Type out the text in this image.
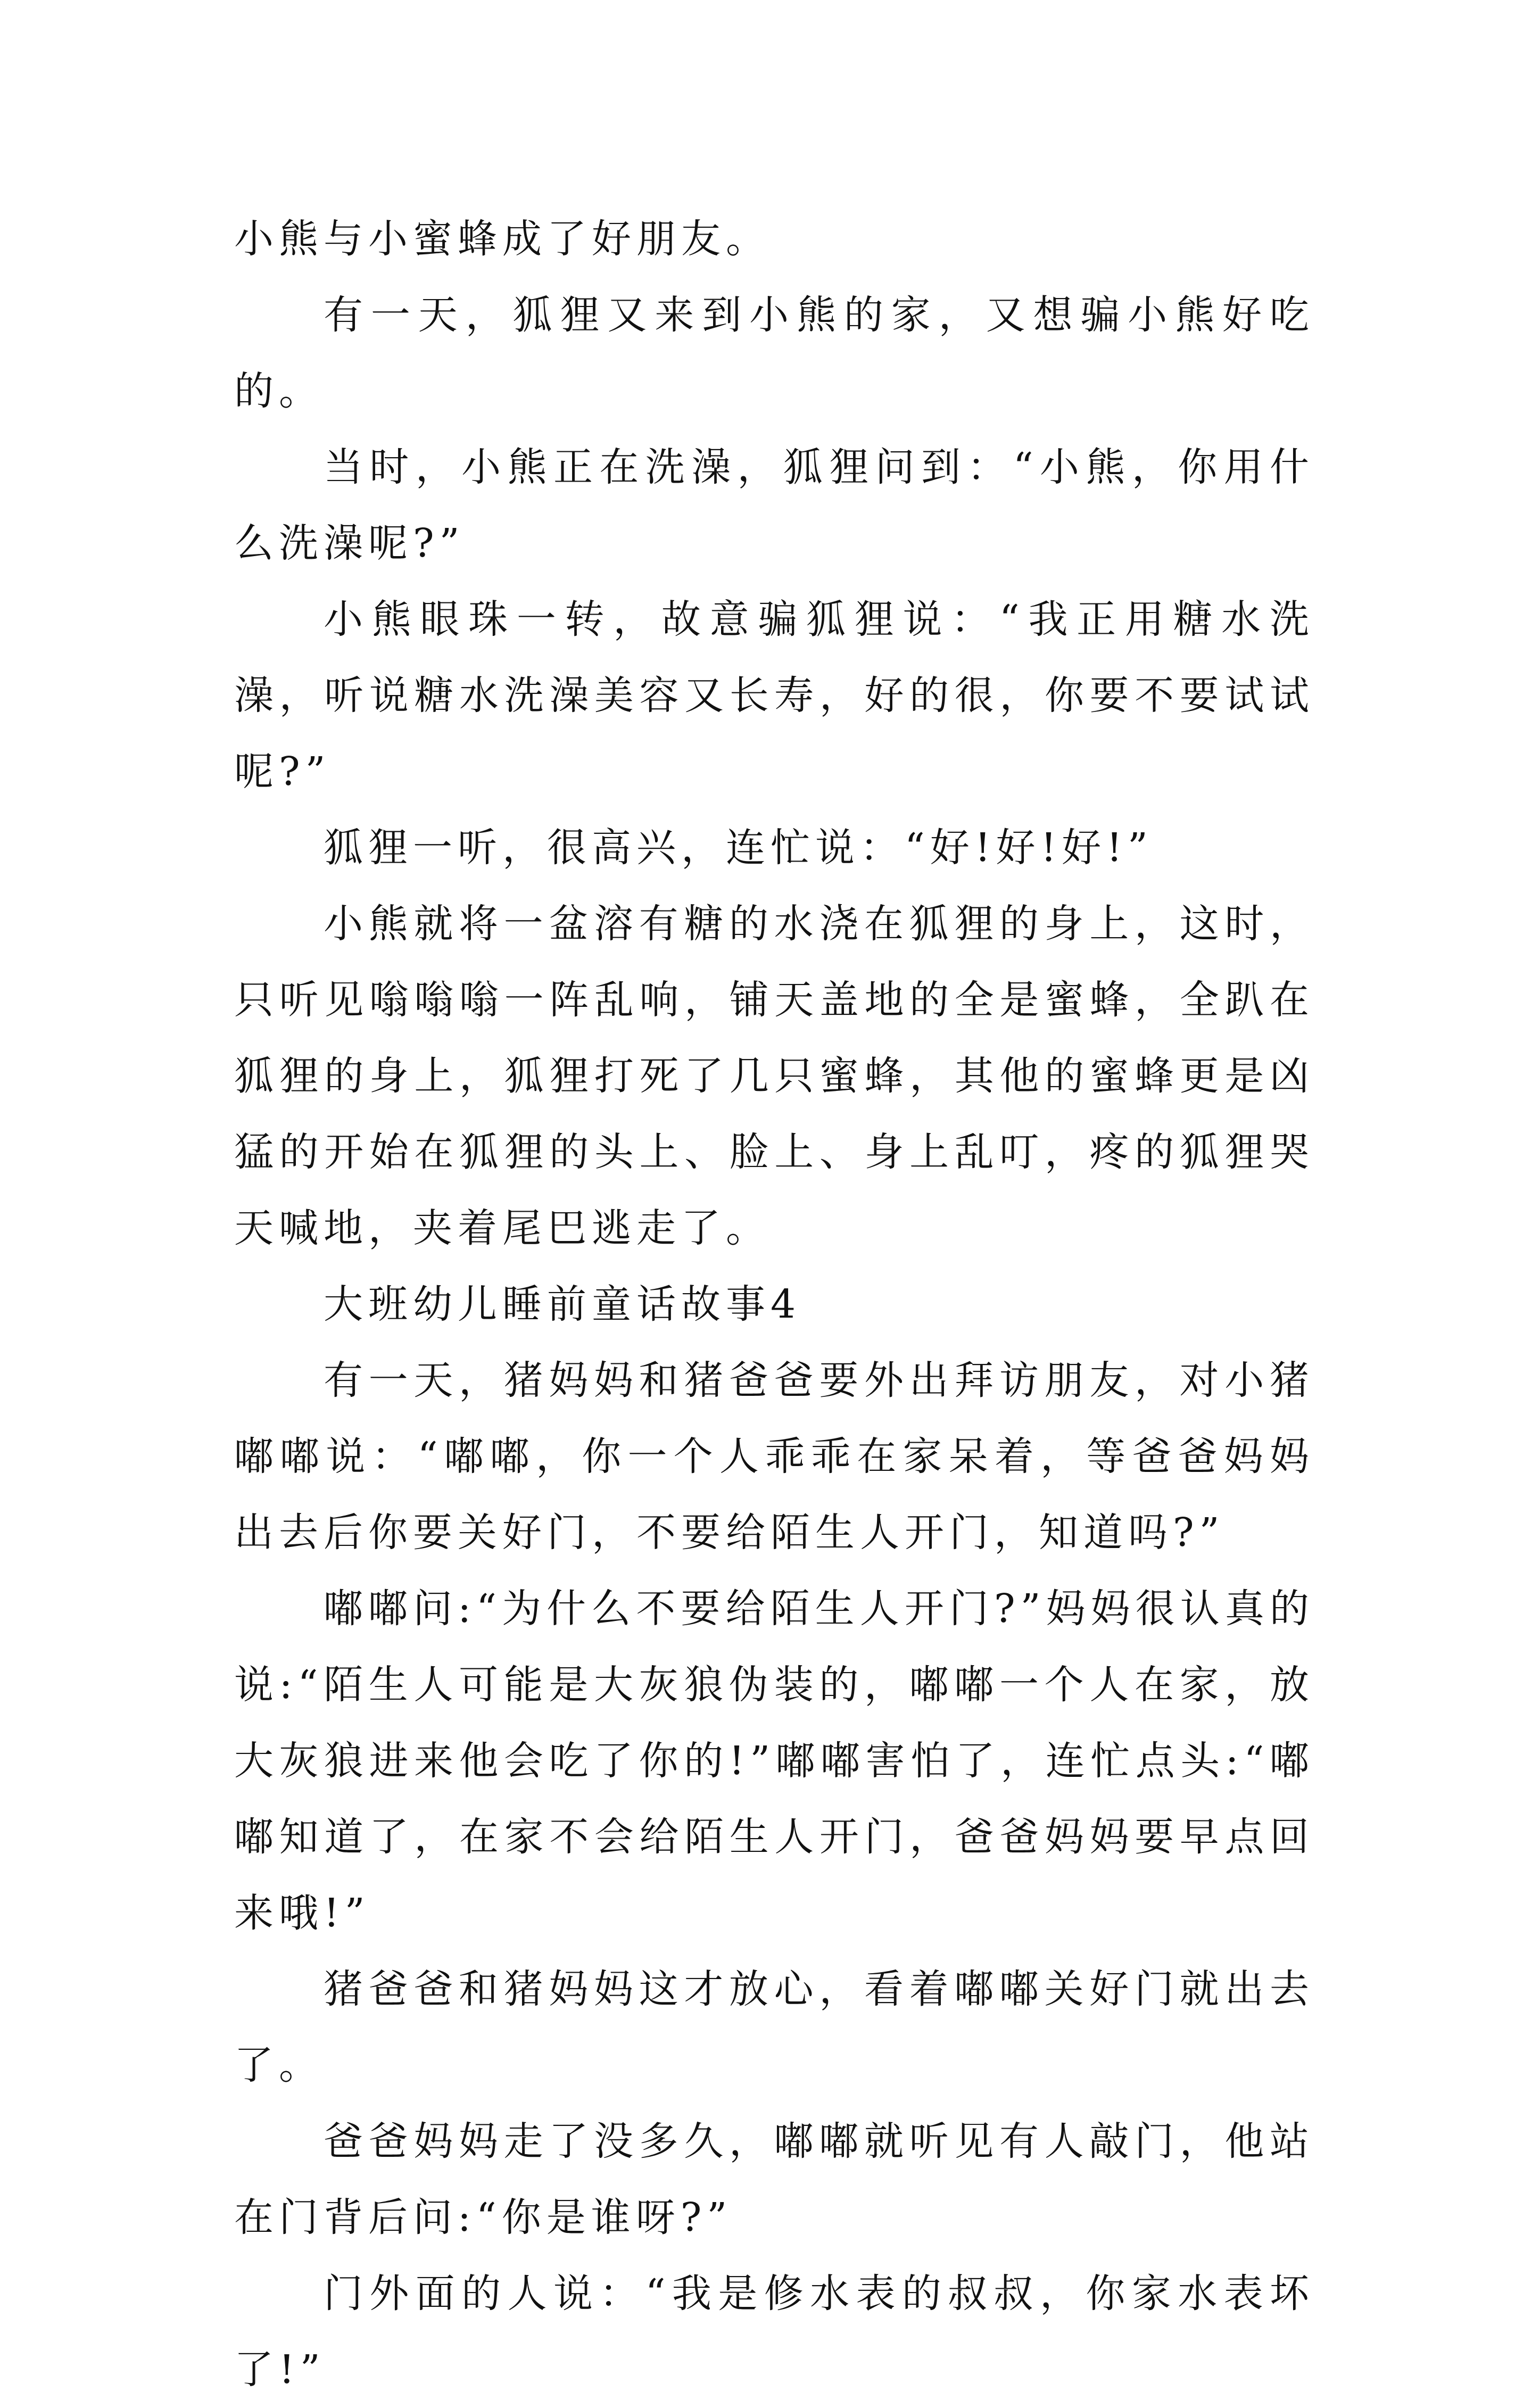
小熊与小蜜蜂成了好朋友。

有一天，狐狸又来到小熊的家，又想骗小熊好吃的。

当时，小熊正在洗澡，狐狸问到：“小熊，你用什么洗澡呢?”

小熊眼珠一转，故意骗狐狸说：“我正用糖水洗澡，听说糖水洗澡美容又长寿，好的很，你要不要试试呢?”

狐狸一听，很高兴，连忙说：“好!好!好!”

小熊就将一盆溶有糖的水浇在狐狸的身上，这时，只听见嗡嗡嗡一阵乱响，铺天盖地的全是蜜蜂，全趴在狐狸的身上，狐狸打死了几只蜜蜂，其他的蜜蜂更是凶猛的开始在狐狸的头上、脸上、身上乱叮，疼的狐狸哭天喊地，夹着尾巴逃走了。

大班幼儿睡前童话故事4

有一天，猪妈妈和猪爸爸要外出拜访朋友，对小猪嘟嘟说：“嘟嘟，你一个人乖乖在家呆着，等爸爸妈妈出去后你要关好门，不要给陌生人开门，知道吗?”

嘟嘟问:“为什么不要给陌生人开门?”妈妈很认真的说:“陌生人可能是大灰狼伪装的，嘟嘟一个人在家，放大灰狼进来他会吃了你的!”嘟嘟害怕了，连忙点头:“嘟嘟知道了，在家不会给陌生人开门，爸爸妈妈要早点回来哦!”

猪爸爸和猪妈妈这才放心，看着嘟嘟关好门就出去了。

爸爸妈妈走了没多久，嘟嘟就听见有人敲门，他站在门背后问:“你是谁呀?”

门外面的人说：“我是修水表的叔叔，你家水表坏了!”
